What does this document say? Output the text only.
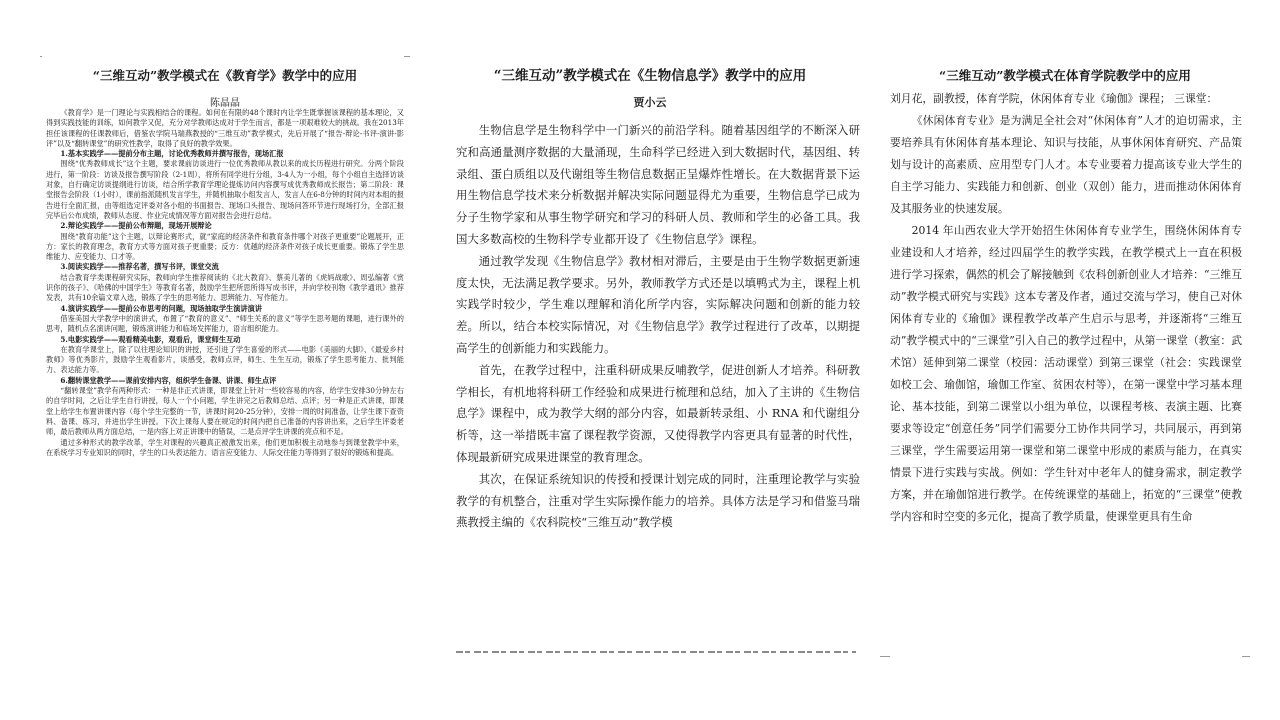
“三维互动”教学模式在《教育学》教学中的应用
陈晶晶

《教育学》是一门理论与实践相结合的课程。如何在有限的48个课时内让学生既掌握该课程的基本理论，又得到实践技能的训练，如何教学又促，充分对学教师达成对于学生而言，都是一项艰难较大的挑战。我在2013年担任该课程的任课教师后，借鉴农学院马瑞燕教授的“三维互动”教学模式，先后开展了“报告-辩论-书评-演讲-影评”以及“翻转课堂”的研究性教学，取得了良好的教学效果。

1.基本实践学——提前分布主题，讨论优秀教师并撰写报告，现场汇报

围绕“优秀教师成长”这个主题，要求课前访谈进行一位优秀教师从教以来的成长历程进行研究。分两个阶段进行，第一阶段：访谈及报告撰写阶段（2-1周），将所有同学进行分组，3-4人为一小组，每个小组自主选择访谈对象，自行确定访谈提纲进行访谈，结合所学教育学理论提炼访问内容撰写成优秀教师成长报告；第二阶段：课堂报告会阶段（1小时），课前指派随机发言学生，并随机抽取小组发言人，发言人在6-8分钟的时间内对本组的报告进行全面汇报，由等组选定评委对各小组的书面报告、现场口头报告、现场问答环节进行现场打分，全部汇报完毕后公布成绩，教师从态度、作业完成情况等方面对报告会进行总结。

2.辩论实践学——提前公布辩题，现场开展辩论

围绕“教育功能”这个主题，以辩论赛形式，就“家庭的经济条件和教育条件哪个对孩子更重要”论题展开，正方：家长的教育理念，教育方式等方面对孩子更重要；反方：优越的经济条件对孩子成长更重要。锻炼了学生思维能力、应变能力、口才等。

3.阅读实践学——推荐名著，撰写书评，课堂交流

结合教育学类课程研究实际，教师向学生推荐阅读的《北大教育》、蔡美儿著的《虎妈战歌》、周弘编著《赏识你的孩子》、《哈佛的中国学生》等教育名著，鼓励学生把所思所得写成书评，并向学校刊物《教学通讯》推荐发表，共有10余篇文章入选，锻炼了学生的思考能力、思辨能力、写作能力。

4.演讲实践学——提前公布思考的问题，现场抽取学生演讲演讲

借鉴美国大学教学中的演讲式，布置了“教育的意义”、“师生关系的意义”等学生思考题的课题，进行课外的思考，随机点名演讲问题，锻炼演讲能力和临场发挥能力，语言组织能力。

5.电影实践学——观看精美电影，观看后，课堂师生互动

在教育学课堂上，除了以往理论知识的讲授，还引进了学生喜爱的形式——电影《美丽的大脚》、《最爱乡村教师》等优秀影片，鼓励学生观看影片，谈感受，教师点评，师生、生生互动，锻炼了学生思考能力、批判能力、表达能力等。

6.翻转课堂教学——课前安排内容，组织学生备课、讲课、师生点评

“翻转课堂”教学有两种形式：一种是非正式讲课，即课堂上针对一些较容易的内容，给学生安排30分钟左右的自学时间，之后让学生自行讲授，每人一个小问题，学生讲完之后教师总结、点评；另一种是正式讲课，即课堂上给学生布置讲课内容（每个学生完整的一节，讲课时间20-25分钟），安排一周的时间准备，让学生课下查资料、备课、练习，并进出学生讲授。下次上课每人要在规定的时间内把自己准备的内容讲出来，之后学生评委老师，最后教师从两方面总结，一是内容上对正讲课中的错误，二是点评学生讲课的亮点和不足。

通过多种形式的教学改革，学生对课程的兴趣真正被激发出来，他们更加积极主动地参与到课堂教学中来，在系统学习专业知识的同时，学生的口头表达能力、语言应变能力、人际交往能力等得到了很好的锻炼和提高。

“三维互动”教学模式在《生物信息学》教学中的应用
贾小云

生物信息学是生物科学中一门新兴的前沿学科。随着基因组学的不断深入研究和高通量测序数据的大量涌现，生命科学已经进入到大数据时代，基因组、转录组、蛋白质组以及代谢组等生物信息数据正呈爆炸性增长。在大数据背景下运用生物信息学技术来分析数据并解决实际问题显得尤为重要，生物信息学已成为分子生物学家和从事生物学研究和学习的科研人员、教师和学生的必备工具。我国大多数高校的生物科学专业都开设了《生物信息学》课程。

通过教学发现《生物信息学》教材相对滞后，主要是由于生物学数据更新速度太快，无法满足教学要求。另外，教师教学方式还是以填鸭式为主，课程上机实践学时较少，学生难以理解和消化所学内容，实际解决问题和创新的能力较差。所以，结合本校实际情况，对《生物信息学》教学过程进行了改革，以期提高学生的创新能力和实践能力。

首先，在教学过程中，注重科研成果反哺教学，促进创新人才培养。科研教学相长，有机地将科研工作经验和成果进行梳理和总结，加入了主讲的《生物信息学》课程中，成为教学大纲的部分内容，如最新转录组、小 RNA 和代谢组分析等，这一举措既丰富了课程教学资源，又使得教学内容更具有显著的时代性，体现最新研究成果进课堂的教育理念。

其次，在保证系统知识的传授和授课计划完成的同时，注重理论教学与实验教学的有机整合，注重对学生实际操作能力的培养。具体方法是学习和借鉴马瑞燕教授主编的《农科院校“三维互动”教学模

“三维互动”教学模式在体育学院教学中的应用

刘月花，副教授，体育学院，休闲体育专业《瑜伽》课程； 三课堂：

《休闲体育专业》是为满足全社会对“休闲体育”人才的迫切需求，主要培养具有休闲体育基本理论、知识与技能，从事休闲体育研究、产品策划与设计的高素质、应用型专门人才。本专业要着力提高该专业大学生的自主学习能力、实践能力和创新、创业（双创）能力，进而推动休闲体育及其服务业的快速发展。

2014 年山西农业大学开始招生休闲体育专业学生，围绕休闲体育专业建设和人才培养，经过四届学生的教学实践，在教学模式上一直在积极进行学习探索，偶然的机会了解接触到《农科创新创业人才培养：“三维互动”教学模式研究与实践》这本专著及作者，通过交流与学习，使自己对休闲体育专业的《瑜伽》课程教学改革产生启示与思考，并逐渐将“三维互动”教学模式中的“三课堂”引入自己的教学过程中，从第一课堂（教室：武术馆）延伸到第二课堂（校园：活动课堂）到第三课堂（社会：实践课堂如校工会、瑜伽馆，瑜伽工作室、贫困农村等），在第一课堂中学习基本理论、基本技能，到第二课堂以小组为单位，以课程考核、表演主题、比赛要求等设定“创意任务”同学们需要分工协作共同学习，共同展示，再到第三课堂，学生需要运用第一课堂和第二课堂中形成的素质与能力，在真实情景下进行实践与实战。例如：学生针对中老年人的健身需求，制定教学方案，并在瑜伽馆进行教学。在传统课堂的基础上，拓宽的“三课堂”使教学内容和时空变的多元化，提高了教学质量，使课堂更具有生命
